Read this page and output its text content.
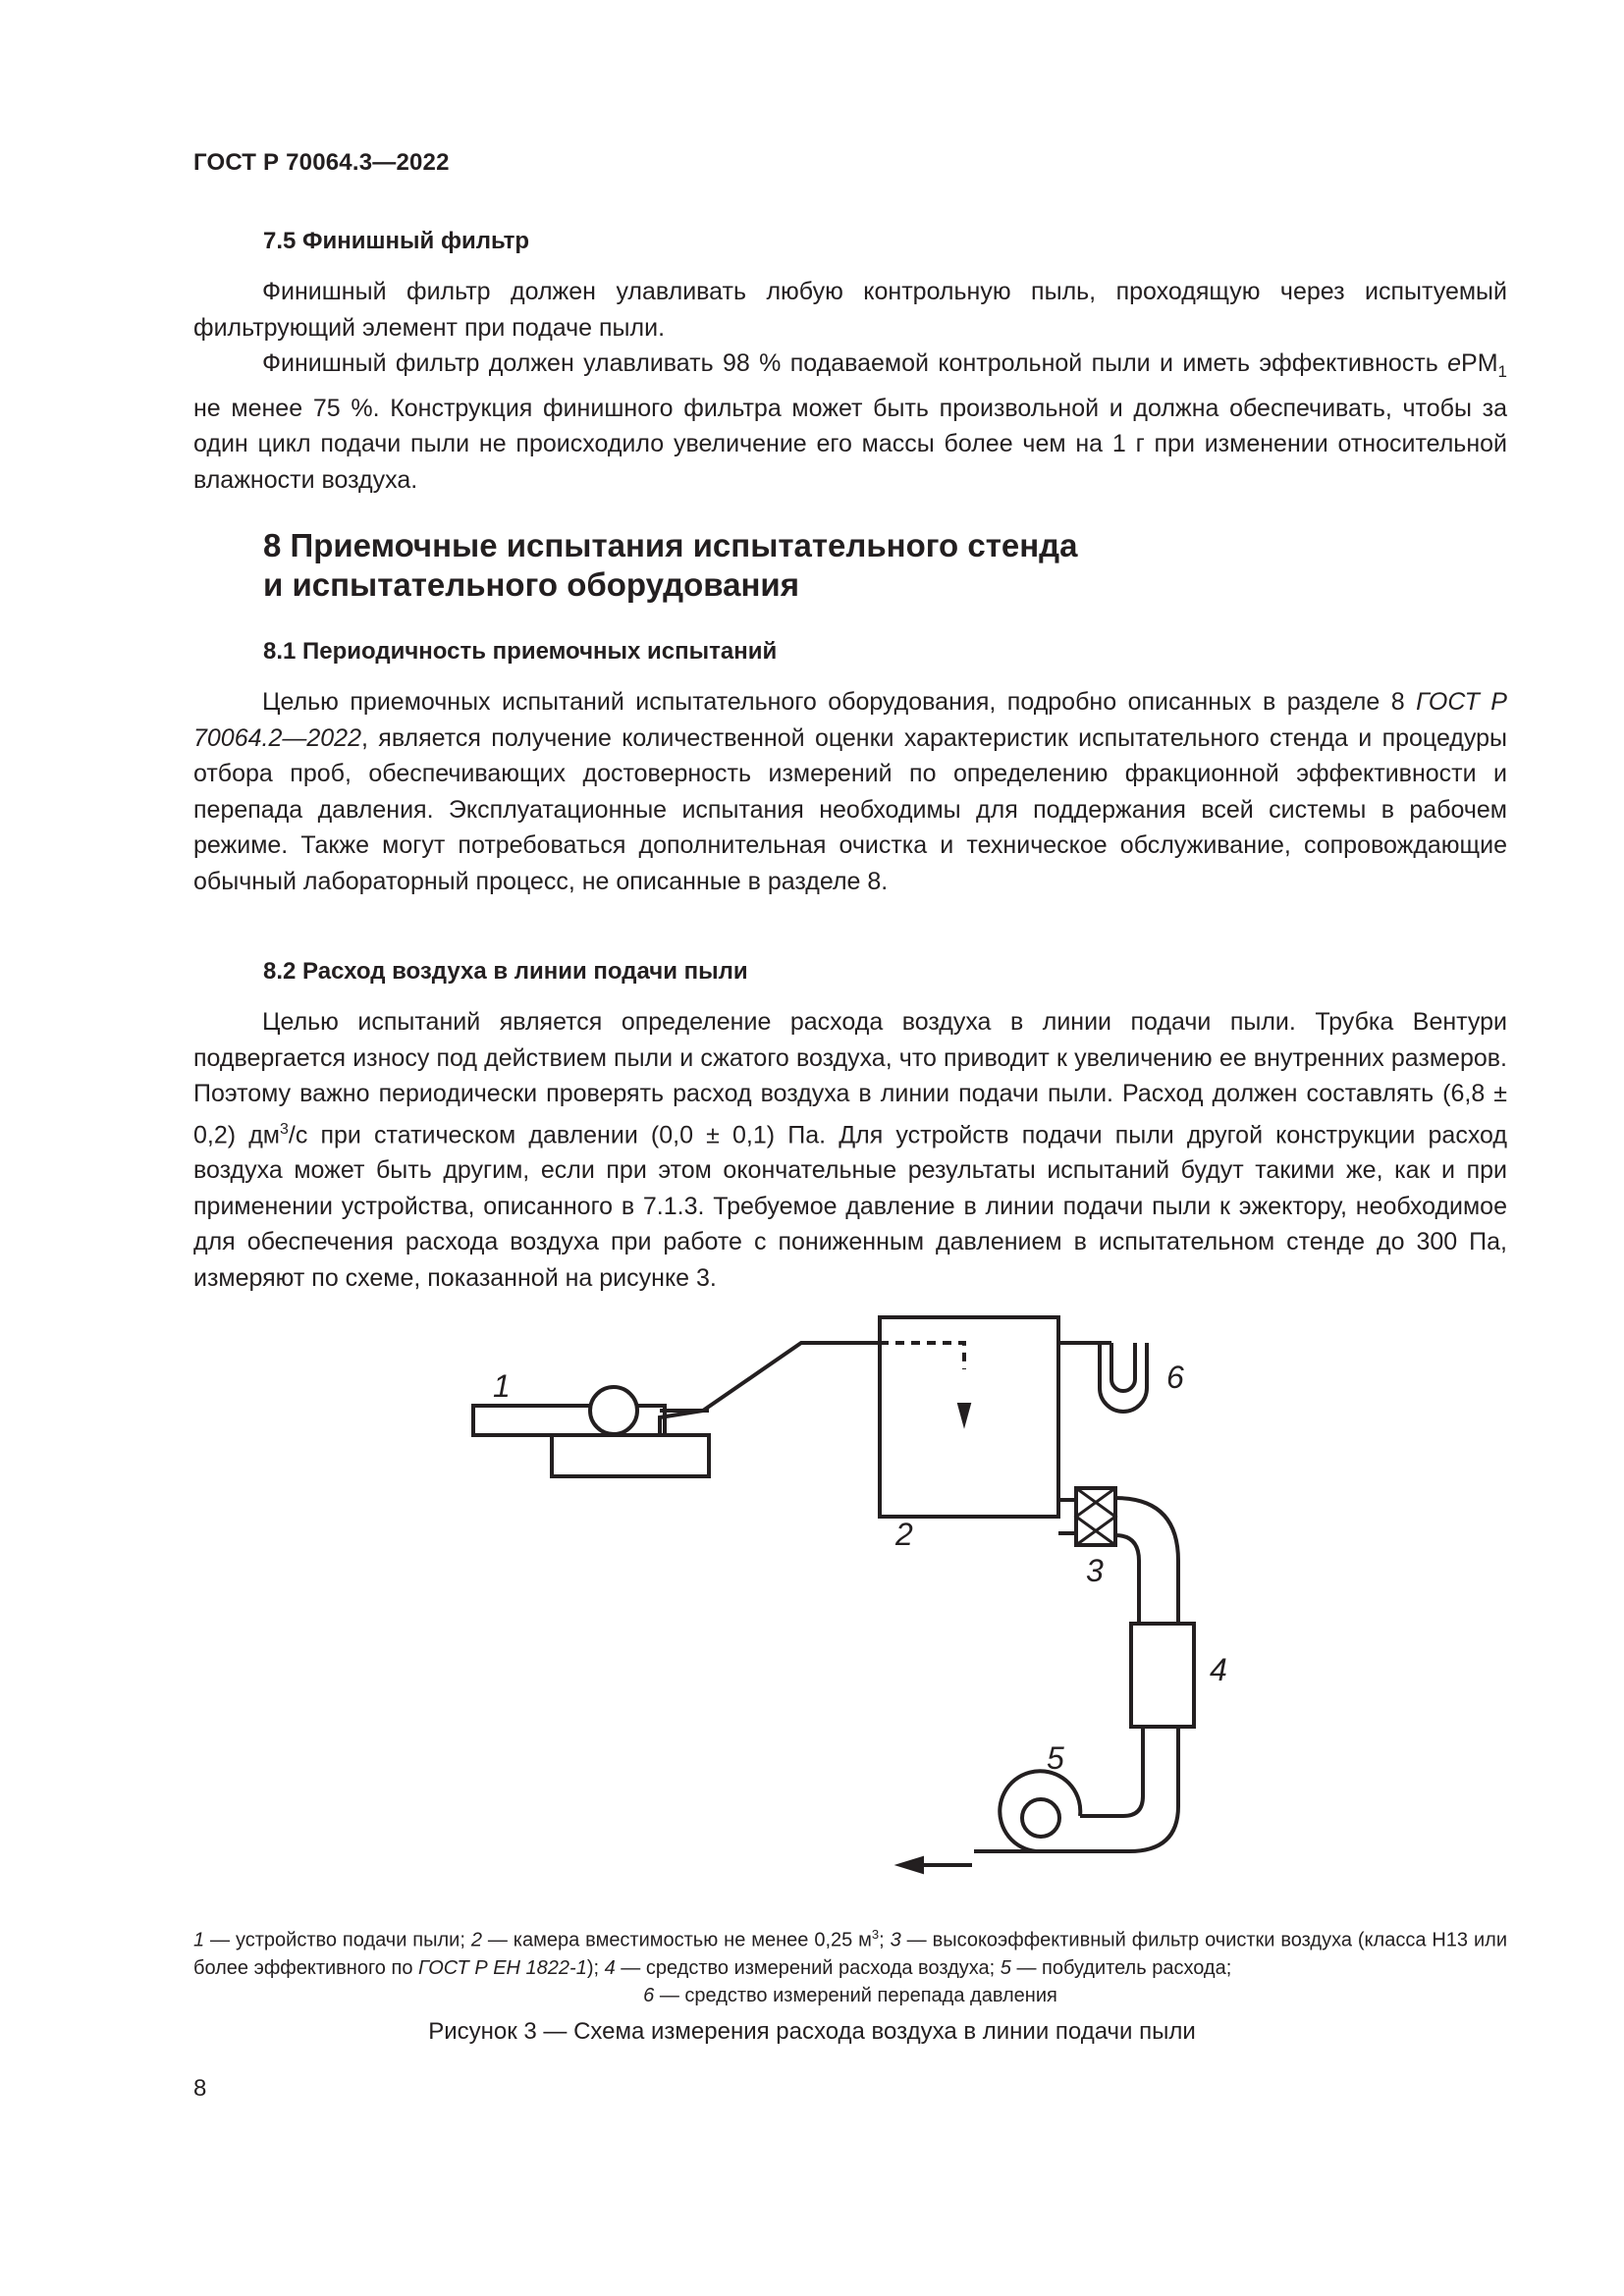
ГОСТ Р 70064.3—2022
7.5 Финишный фильтр

Финишный фильтр должен улавливать любую контрольную пыль, проходящую через испытуемый фильтрующий элемент при подаче пыли.

Финишный фильтр должен улавливать 98 % подаваемой контрольной пыли и иметь эффективность ePM$_1$ не менее 75 %. Конструкция финишного фильтра может быть произвольной и должна обеспечивать, чтобы за один цикл подачи пыли не происходило увеличение его массы более чем на 1 г при изменении относительной влажности воздуха.

8 Приемочные испытания испытательного стенда
и испытательного оборудования
8.1 Периодичность приемочных испытаний

Целью приемочных испытаний испытательного оборудования, подробно описанных в разделе 8 ГОСТ Р 70064.2—2022, является получение количественной оценки характеристик испытательного стенда и процедуры отбора проб, обеспечивающих достоверность измерений по определению фракционной эффективности и перепада давления. Эксплуатационные испытания необходимы для поддержания всей системы в рабочем режиме. Также могут потребоваться дополнительная очистка и техническое обслуживание, сопровождающие обычный лабораторный процесс, не описанные в разделе 8.

8.2 Расход воздуха в линии подачи пыли

Целью испытаний является определение расхода воздуха в линии подачи пыли. Трубка Вентури подвергается износу под действием пыли и сжатого воздуха, что приводит к увеличению ее внутренних размеров. Поэтому важно периодически проверять расход воздуха в линии подачи пыли. Расход должен составлять (6,8 ± 0,2) $дм^3/с$ при статическом давлении (0,0 ± 0,1) Па. Для устройств подачи пыли другой конструкции расход воздуха может быть другим, если при этом окончательные результаты испытаний будут такими же, как и при применении устройства, описанного в 7.1.3. Требуемое давление в линии подачи пыли к эжектору, необходимое для обеспечения расхода воздуха при работе с пониженным давлением в испытательном стенде до 300 Па, измеряют по схеме, показанной на рисунке 3.

1
2
3
4
5
6
1 — устройство подачи пыли; 2 — камера вместимостью не менее 0,25 $м^3$; 3 — высокоэффективный фильтр очистки воздуха (класса Н13 или более эффективного по ГОСТ Р ЕН 1822-1); 4 — средство измерений расхода воздуха; 5 — побудитель расхода;
6 — средство измерений перепада давления
Рисунок 3 — Схема измерения расхода воздуха в линии подачи пыли
8
